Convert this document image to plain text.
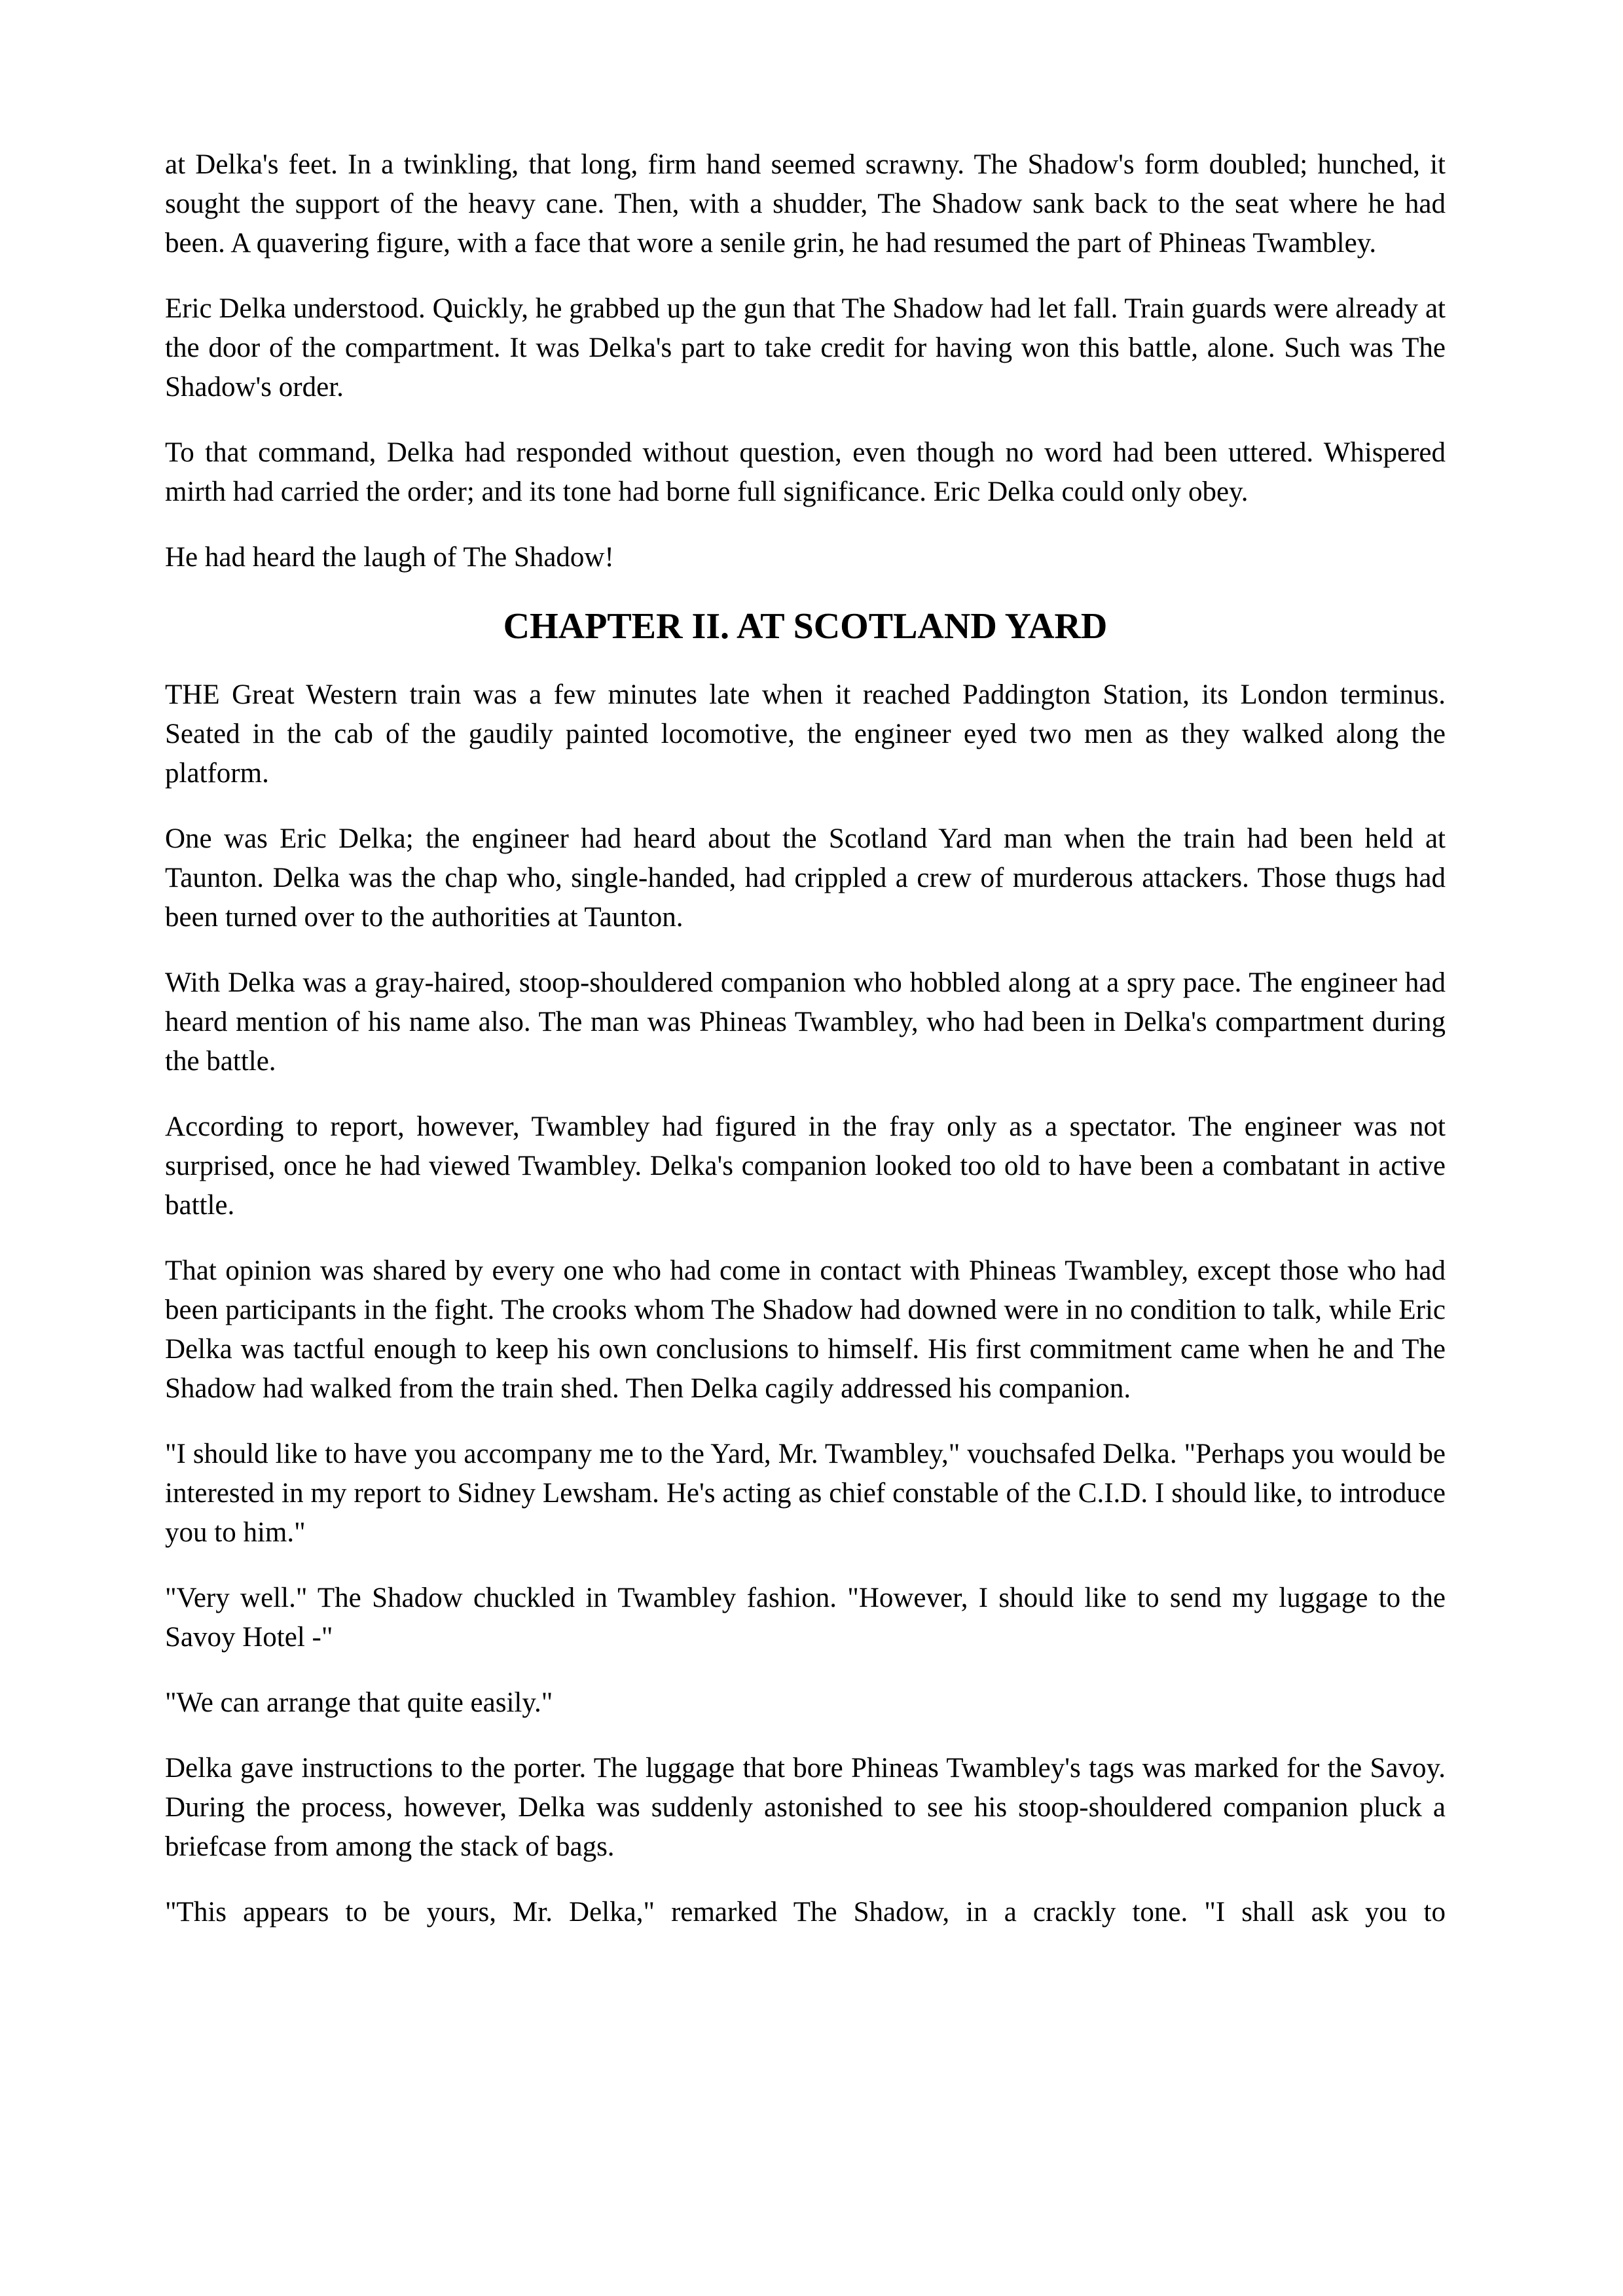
at Delka's feet. In a twinkling, that long, firm hand seemed scrawny. The Shadow's form doubled; hunched, it sought the support of the heavy cane. Then, with a shudder, The Shadow sank back to the seat where he had been. A quavering figure, with a face that wore a senile grin, he had resumed the part of Phineas Twambley.

Eric Delka understood. Quickly, he grabbed up the gun that The Shadow had let fall. Train guards were already at the door of the compartment. It was Delka's part to take credit for having won this battle, alone. Such was The Shadow's order.

To that command, Delka had responded without question, even though no word had been uttered. Whispered mirth had carried the order; and its tone had borne full significance. Eric Delka could only obey.

He had heard the laugh of The Shadow!

CHAPTER II. AT SCOTLAND YARD

THE Great Western train was a few minutes late when it reached Paddington Station, its London terminus. Seated in the cab of the gaudily painted locomotive, the engineer eyed two men as they walked along the platform.

One was Eric Delka; the engineer had heard about the Scotland Yard man when the train had been held at Taunton. Delka was the chap who, single-handed, had crippled a crew of murderous attackers. Those thugs had been turned over to the authorities at Taunton.

With Delka was a gray-haired, stoop-shouldered companion who hobbled along at a spry pace. The engineer had heard mention of his name also. The man was Phineas Twambley, who had been in Delka's compartment during the battle.

According to report, however, Twambley had figured in the fray only as a spectator. The engineer was not surprised, once he had viewed Twambley. Delka's companion looked too old to have been a combatant in active battle.

That opinion was shared by every one who had come in contact with Phineas Twambley, except those who had been participants in the fight. The crooks whom The Shadow had downed were in no condition to talk, while Eric Delka was tactful enough to keep his own conclusions to himself. His first commitment came when he and The Shadow had walked from the train shed. Then Delka cagily addressed his companion.

"I should like to have you accompany me to the Yard, Mr. Twambley," vouchsafed Delka. "Perhaps you would be interested in my report to Sidney Lewsham. He's acting as chief constable of the C.I.D. I should like, to introduce you to him."

"Very well." The Shadow chuckled in Twambley fashion. "However, I should like to send my luggage to the Savoy Hotel -"

"We can arrange that quite easily."

Delka gave instructions to the porter. The luggage that bore Phineas Twambley's tags was marked for the Savoy. During the process, however, Delka was suddenly astonished to see his stoop-shouldered companion pluck a briefcase from among the stack of bags.

"This appears to be yours, Mr. Delka," remarked The Shadow, in a crackly tone. "I shall ask you to
